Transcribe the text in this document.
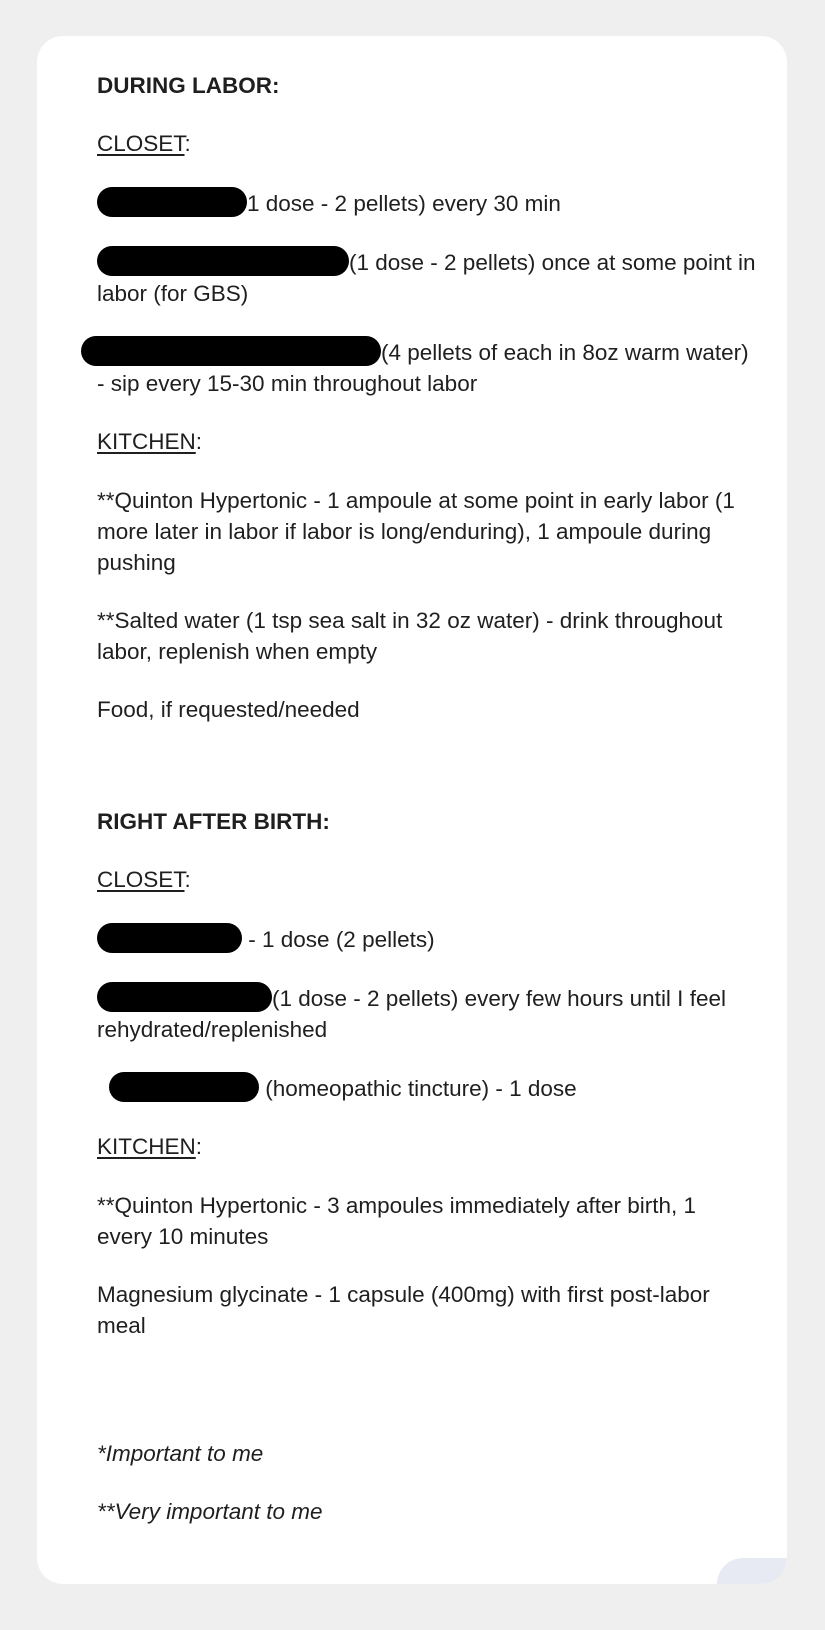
DURING LABOR:
CLOSET:

1 dose - 2 pellets) every 30 min

(1 dose - 2 pellets) once at some point in labor (for GBS)

(4 pellets of each in 8oz warm water) - sip every 15-30 min throughout labor

KITCHEN:

**Quinton Hypertonic - 1 ampoule at some point in early labor (1 more later in labor if labor is long/enduring), 1 ampoule during pushing

**Salted water (1 tsp sea salt in 32 oz water) - drink throughout labor, replenish when empty

Food, if requested/needed

RIGHT AFTER BIRTH:
CLOSET:

- 1 dose (2 pellets)

(1 dose - 2 pellets) every few hours until I feel rehydrated/replenished

(homeopathic tincture) - 1 dose

KITCHEN:

**Quinton Hypertonic - 3 ampoules immediately after birth, 1 every 10 minutes

Magnesium glycinate - 1 capsule (400mg) with first post-labor meal

*Important to me

**Very important to me
